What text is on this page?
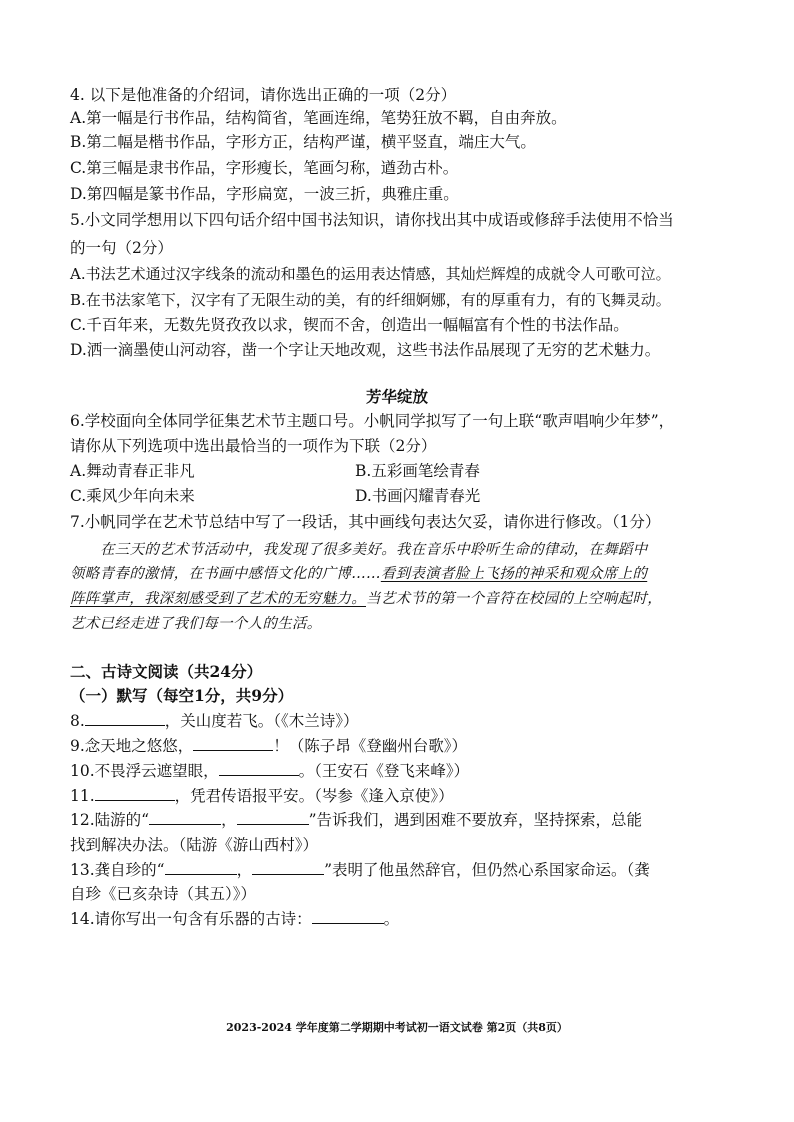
4. 以下是他准备的介绍词，请你选出正确的一项（2分）
A.第一幅是行书作品，结构简省，笔画连绵，笔势狂放不羁，自由奔放。
B.第二幅是楷书作品，字形方正，结构严谨，横平竖直，端庄大气。
C.第三幅是隶书作品，字形瘦长，笔画匀称，遒劲古朴。
D.第四幅是篆书作品，字形扁宽，一波三折，典雅庄重。
5.小文同学想用以下四句话介绍中国书法知识，请你找出其中成语或修辞手法使用不恰当
的一句（2分）
A.书法艺术通过汉字线条的流动和墨色的运用表达情感，其灿烂辉煌的成就令人可歌可泣。
B.在书法家笔下，汉字有了无限生动的美，有的纤细婀娜，有的厚重有力，有的飞舞灵动。
C.千百年来，无数先贤孜孜以求，锲而不舍，创造出一幅幅富有个性的书法作品。
D.洒一滴墨使山河动容，凿一个字让天地改观，这些书法作品展现了无穷的艺术魅力。
芳华绽放
6.学校面向全体同学征集艺术节主题口号。小帆同学拟写了一句上联“歌声唱响少年梦”，
请你从下列选项中选出最恰当的一项作为下联（2分）
A.舞动青春正非凡	B.五彩画笔绘青春
C.乘风少年向未来	D.书画闪耀青春光
7.小帆同学在艺术节总结中写了一段话，其中画线句表达欠妥，请你进行修改。（1分）
在三天的艺术节活动中，我发现了很多美好。我在音乐中聆听生命的律动，在舞蹈中
领略青春的激情，在书画中感悟文化的广博……看到表演者脸上飞扬的神采和观众席上的
阵阵掌声，我深刻感受到了艺术的无穷魅力。当艺术节的第一个音符在校园的上空响起时，
艺术已经走进了我们每一个人的生活。
二、古诗文阅读（共24分）
（一）默写（每空1分，共9分）
8.	，关山度若飞。（《木兰诗》）
9.念天地之悠悠，	！（陈子昂《登幽州台歌》）
10.不畏浮云遮望眼，	。（王安石《登飞来峰》）
11.	，凭君传语报平安。（岑参《逢入京使》）
12.陆游的“	，	”告诉我们，遇到困难不要放弃，坚持探索，总能
找到解决办法。（陆游《游山西村》）
13.龚自珍的“	，	”表明了他虽然辞官，但仍然心系国家命运。（龚
自珍《已亥杂诗（其五）》）
14.请你写出一句含有乐器的古诗：	。
2023-2024 学年度第二学期期中考试初一语文试卷 第2页（共8页）
